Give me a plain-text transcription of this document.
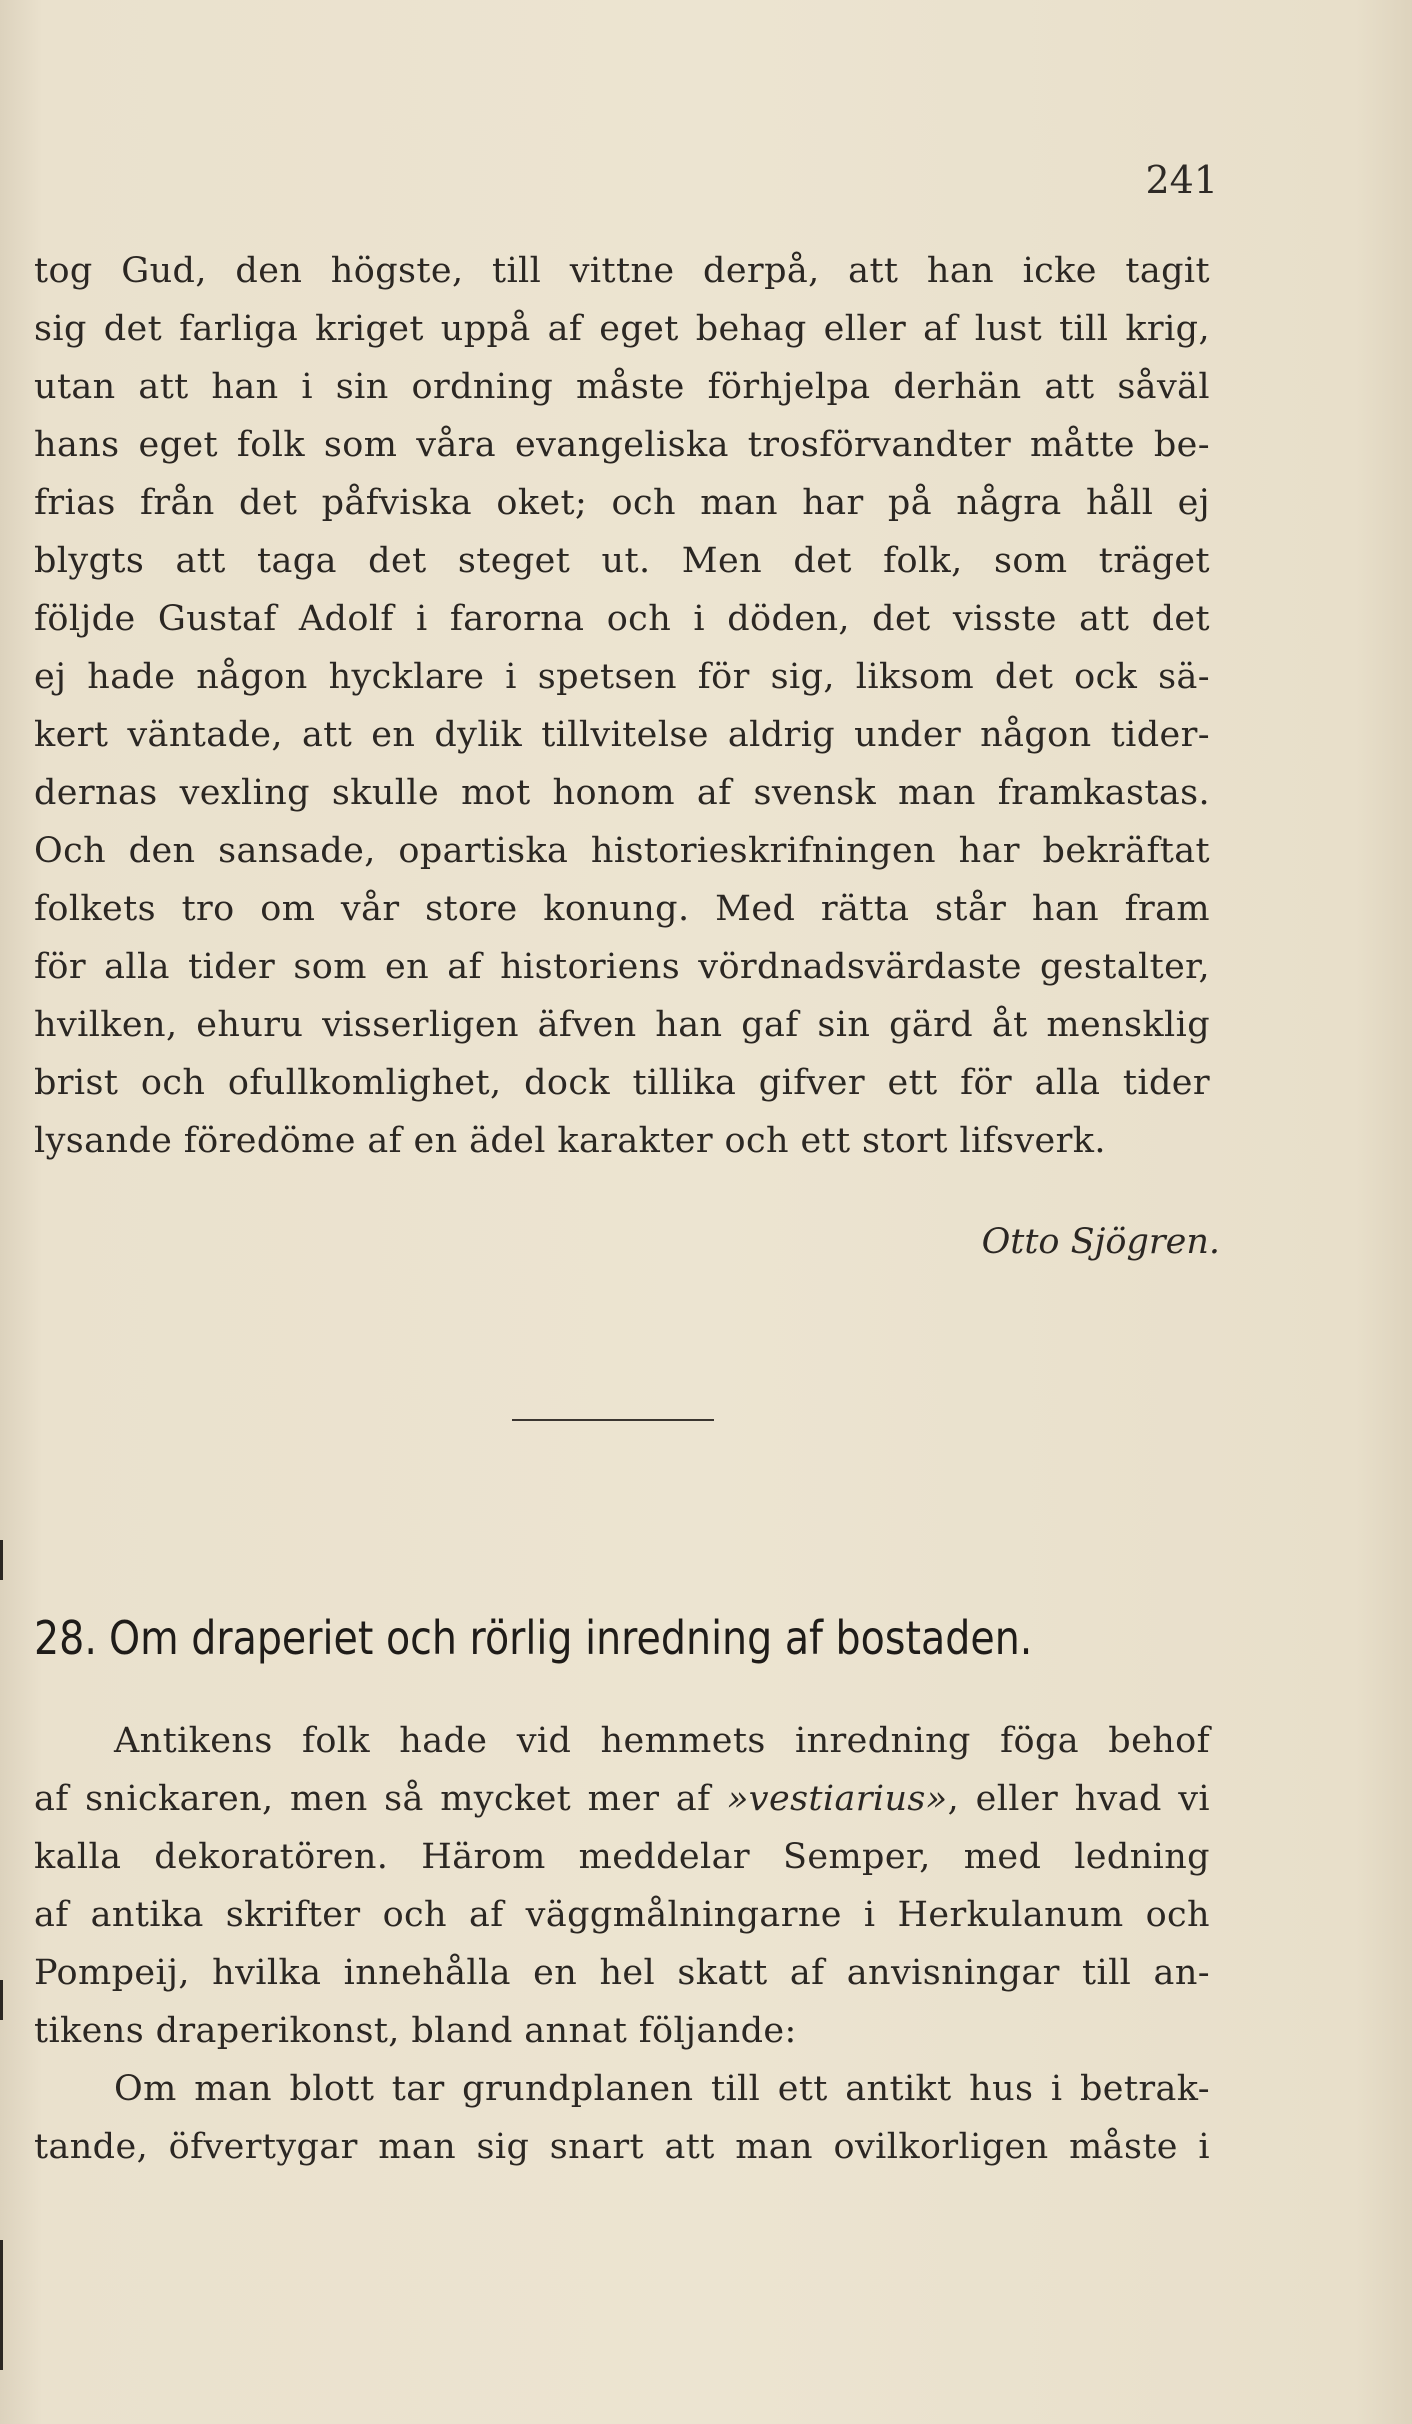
241
tog Gud, den högste, till vittne derpå, att han icke tagit
sig det farliga kriget uppå af eget behag eller af lust till krig,
utan att han i sin ordning måste förhjelpa derhän att såväl
hans eget folk som våra evangeliska trosförvandter måtte be-
frias från det påfviska oket; och man har på några håll ej
blygts att taga det steget ut. Men det folk, som träget
följde Gustaf Adolf i farorna och i döden, det visste att det
ej hade någon hycklare i spetsen för sig, liksom det ock sä-
kert väntade, att en dylik tillvitelse aldrig under någon tider-
dernas vexling skulle mot honom af svensk man framkastas.
Och den sansade, opartiska historieskrifningen har bekräftat
folkets tro om vår store konung. Med rätta står han fram
för alla tider som en af historiens vördnadsvärdaste gestalter,
hvilken, ehuru visserligen äfven han gaf sin gärd åt mensklig
brist och ofullkomlighet, dock tillika gifver ett för alla tider
lysande föredöme af en ädel karakter och ett stort lifsverk.
Otto Sjögren.
28. Om draperiet och rörlig inredning af bostaden.
Antikens folk hade vid hemmets inredning föga behof
af snickaren, men så mycket mer af »vestiarius», eller hvad vi
kalla dekoratören. Härom meddelar Semper, med ledning
af antika skrifter och af väggmålningarne i Herkulanum och
Pompeij, hvilka innehålla en hel skatt af anvisningar till an-
tikens draperikonst, bland annat följande:
Om man blott tar grundplanen till ett antikt hus i betrak-
tande, öfvertygar man sig snart att man ovilkorligen måste i
